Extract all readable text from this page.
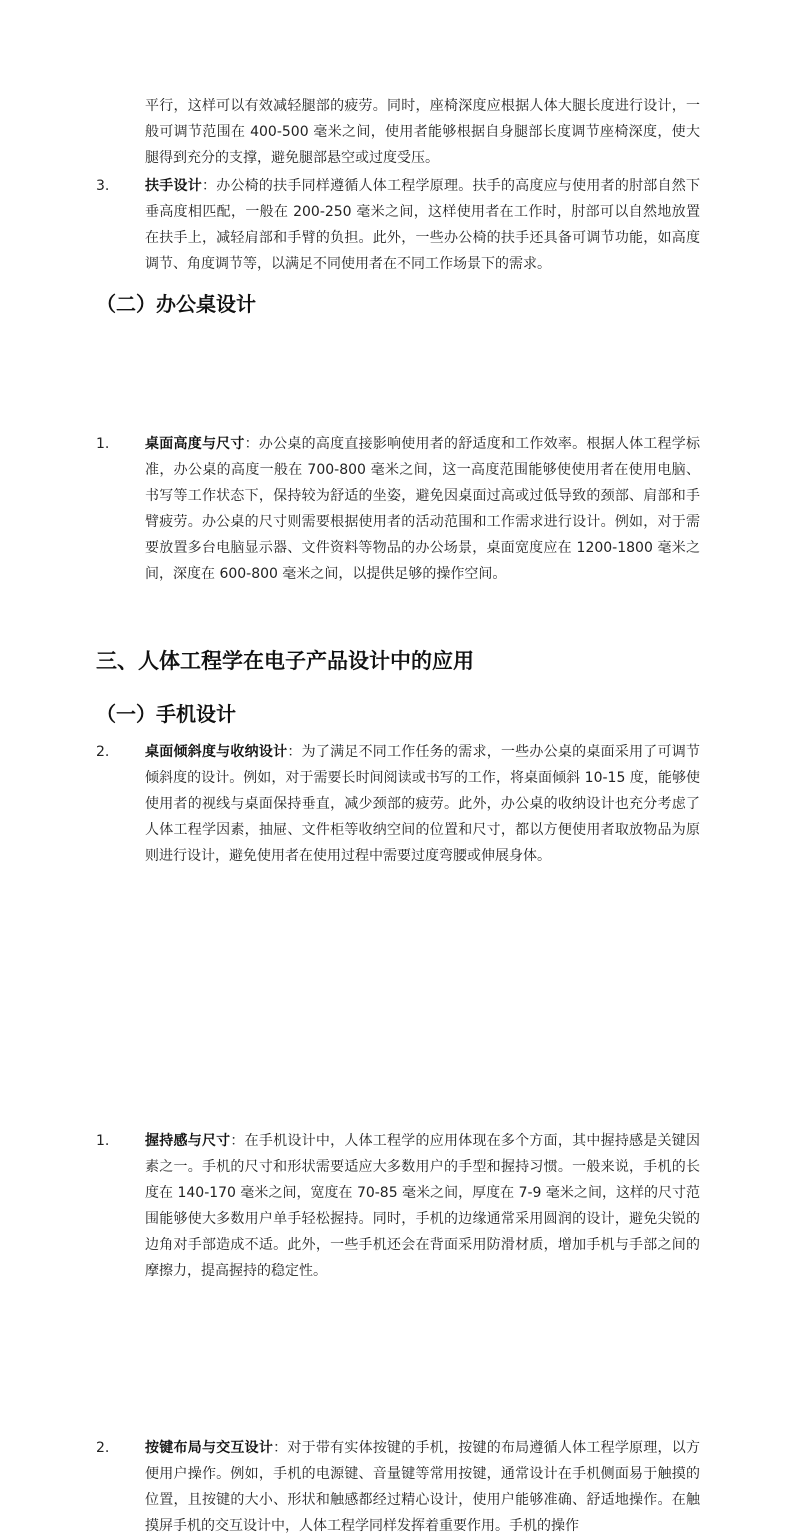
平行，这样可以有效减轻腿部的疲劳。同时，座椅深度应根据人体大腿长度进行设计，一般可调节范围在 400-500 毫米之间，使用者能够根据自身腿部长度调节座椅深度，使大腿得到充分的支撑，避免腿部悬空或过度受压。

3.	扶手设计：办公椅的扶手同样遵循人体工程学原理。扶手的高度应与使用者的肘部自然下垂高度相匹配，一般在 200-250 毫米之间，这样使用者在工作时，肘部可以自然地放置在扶手上，减轻肩部和手臂的负担。此外，一些办公椅的扶手还具备可调节功能，如高度调节、角度调节等，以满足不同使用者在不同工作场景下的需求。

（二）办公桌设计
1.	桌面高度与尺寸：办公桌的高度直接影响使用者的舒适度和工作效率。根据人体工程学标准，办公桌的高度一般在 700-800 毫米之间，这一高度范围能够使使用者在使用电脑、书写等工作状态下，保持较为舒适的坐姿，避免因桌面过高或过低导致的颈部、肩部和手臂疲劳。办公桌的尺寸则需要根据使用者的活动范围和工作需求进行设计。例如，对于需要放置多台电脑显示器、文件资料等物品的办公场景，桌面宽度应在 1200-1800 毫米之间，深度在 600-800 毫米之间，以提供足够的操作空间。

2.	桌面倾斜度与收纳设计：为了满足不同工作任务的需求，一些办公桌的桌面采用了可调节倾斜度的设计。例如，对于需要长时间阅读或书写的工作，将桌面倾斜 10-15 度，能够使使用者的视线与桌面保持垂直，减少颈部的疲劳。此外，办公桌的收纳设计也充分考虑了人体工程学因素，抽屉、文件柜等收纳空间的位置和尺寸，都以方便使用者取放物品为原则进行设计，避免使用者在使用过程中需要过度弯腰或伸展身体。

三、人体工程学在电子产品设计中的应用
（一）手机设计
1.	握持感与尺寸：在手机设计中，人体工程学的应用体现在多个方面，其中握持感是关键因素之一。手机的尺寸和形状需要适应大多数用户的手型和握持习惯。一般来说，手机的长度在 140-170 毫米之间，宽度在 70-85 毫米之间，厚度在 7-9 毫米之间，这样的尺寸范围能够使大多数用户单手轻松握持。同时，手机的边缘通常采用圆润的设计，避免尖锐的边角对手部造成不适。此外，一些手机还会在背面采用防滑材质，增加手机与手部之间的摩擦力，提高握持的稳定性。

2.	按键布局与交互设计：对于带有实体按键的手机，按键的布局遵循人体工程学原理，以方便用户操作。例如，手机的电源键、音量键等常用按键，通常设计在手机侧面易于触摸的位置，且按键的大小、形状和触感都经过精心设计，使用户能够准确、舒适地操作。在触摸屏手机的交互设计中，人体工程学同样发挥着重要作用。手机的操作
